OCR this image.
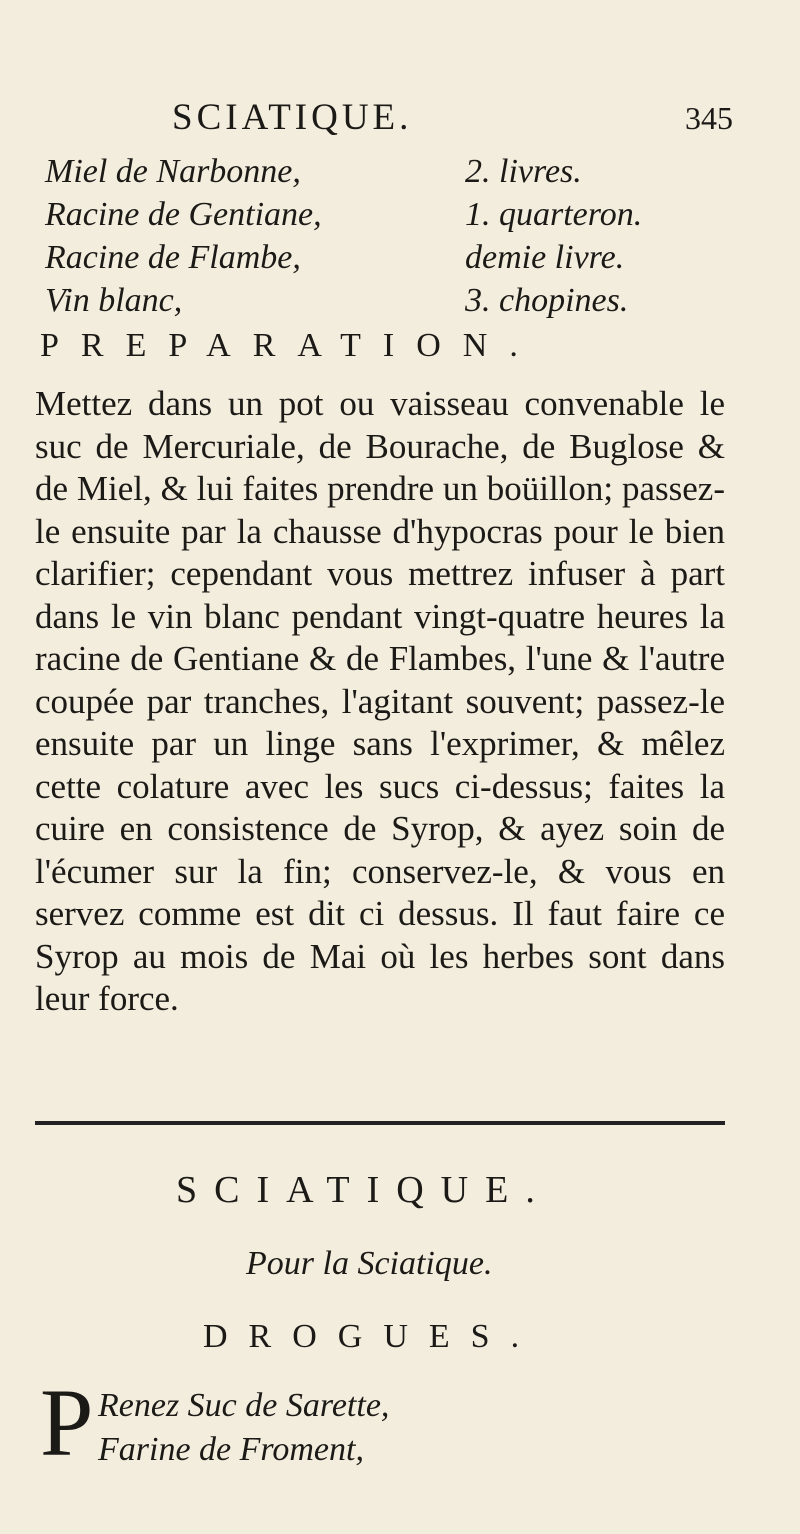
SCIATIQUE.	345
Miel de Narbonne,	2. livres.
Racine de Gentiane,	1. quarteron.
Racine de Flambe,	demie livre.
Vin blanc,	3. chopines.
PREPARATION.
Mettez dans un pot ou vaisseau convenable le suc de Mercuriale, de Bourache, de Buglose & de Miel, & lui faites prendre un boüillon; passez-le ensuite par la chausse d'hypocras pour le bien clarifier; cependant vous mettrez infuser à part dans le vin blanc pendant vingt-quatre heures la racine de Gentiane & de Flambes, l'une & l'autre coupée par tranches, l'agitant souvent; passez-le ensuite par un linge sans l'exprimer, & mêlez cette colature avec les sucs ci-dessus; faites la cuire en consistence de Syrop, & ayez soin de l'écumer sur la fin; conservez-le, & vous en servez comme est dit ci dessus. Il faut faire ce Syrop au mois de Mai où les herbes sont dans leur force.
SCIATIQUE.
Pour la Sciatique.
DROGUES.
P Renez Suc de Sarette,
Farine de Froment,
